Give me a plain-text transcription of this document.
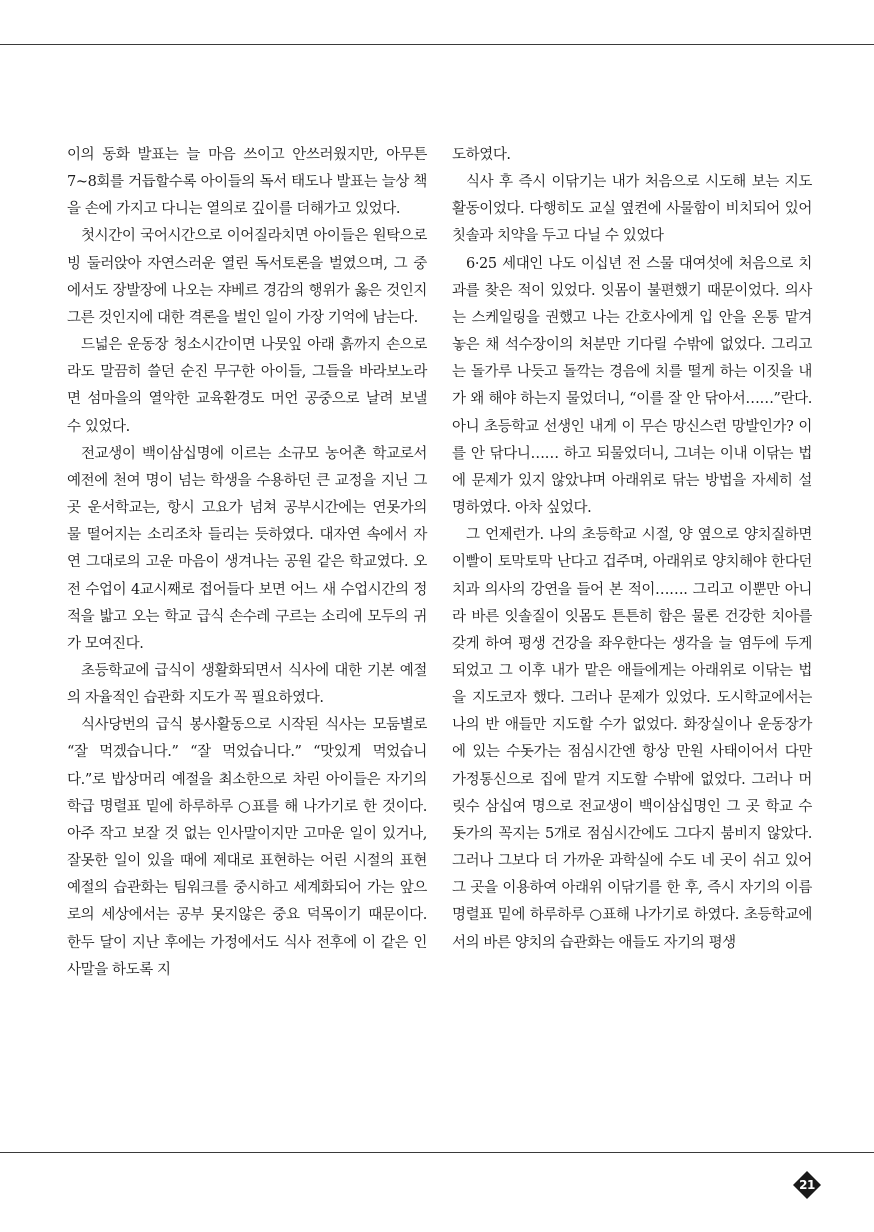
이의 동화 발표는 늘 마음 쓰이고 안쓰러웠지만, 아무튼 7~8회를 거듭할수록 아이들의 독서 태도나 발표는 늘상 책을 손에 가지고 다니는 열의로 깊이를 더해가고 있었다.

첫시간이 국어시간으로 이어질라치면 아이들은 원탁으로 빙 둘러앉아 자연스러운 열린 독서토론을 벌였으며, 그 중에서도 장발장에 나오는 쟈베르 경감의 행위가 옳은 것인지 그른 것인지에 대한 격론을 벌인 일이 가장 기억에 남는다.

드넓은 운동장 청소시간이면 나뭇잎 아래 흙까지 손으로라도 말끔히 쓸던 순진 무구한 아이들, 그들을 바라보노라면 섬마을의 열악한 교육환경도 머언 공중으로 날려 보낼 수 있었다.

전교생이 백이삼십명에 이르는 소규모 농어촌 학교로서 예전에 천여 명이 넘는 학생을 수용하던 큰 교정을 지닌 그곳 운서학교는, 항시 고요가 넘쳐 공부시간에는 연못가의 물 떨어지는 소리조차 들리는 듯하였다. 대자연 속에서 자연 그대로의 고운 마음이 생겨나는 공원 같은 학교였다. 오전 수업이 4교시째로 접어들다 보면 어느 새 수업시간의 정적을 밟고 오는 학교 급식 손수레 구르는 소리에 모두의 귀가 모여진다.

초등학교에 급식이 생활화되면서 식사에 대한 기본 예절의 자율적인 습관화 지도가 꼭 필요하였다.

식사당번의 급식 봉사활동으로 시작된 식사는 모둠별로 “잘 먹겠습니다.” “잘 먹었습니다.” “맛있게 먹었습니다.”로 밥상머리 예절을 최소한으로 차린 아이들은 자기의 학급 명렬표 밑에 하루하루 ○표를 해 나가기로 한 것이다. 아주 작고 보잘 것 없는 인사말이지만 고마운 일이 있거나, 잘못한 일이 있을 때에 제대로 표현하는 어린 시절의 표현 예절의 습관화는 팀워크를 중시하고 세계화되어 가는 앞으로의 세상에서는 공부 못지않은 중요 덕목이기 때문이다. 한두 달이 지난 후에는 가정에서도 식사 전후에 이 같은 인사말을 하도록 지

도하였다.

식사 후 즉시 이닦기는 내가 처음으로 시도해 보는 지도활동이었다. 다행히도 교실 옆켠에 사물함이 비치되어 있어 칫솔과 치약을 두고 다닐 수 있었다

6·25 세대인 나도 이십년 전 스물 대여섯에 처음으로 치과를 찾은 적이 있었다. 잇몸이 불편했기 때문이었다. 의사는 스케일링을 권했고 나는 간호사에게 입 안을 온통 맡겨놓은 채 석수장이의 처분만 기다릴 수밖에 없었다. 그리고는 돌가루 나듯고 돌깍는 경음에 치를 떨게 하는 이짓을 내가 왜 해야 하는지 물었더니, “이를 잘 안 닦아서……”란다. 아니 초등학교 선생인 내게 이 무슨 망신스런 망발인가? 이를 안 닦다니…… 하고 되물었더니, 그녀는 이내 이닦는 법에 문제가 있지 않았냐며 아래위로 닦는 방법을 자세히 설명하였다. 아차 싶었다.

그 언제런가. 나의 초등학교 시절, 양 옆으로 양치질하면 이빨이 토막토막 난다고 겁주며, 아래위로 양치해야 한다던 치과 의사의 강연을 들어 본 적이……. 그리고 이뿐만 아니라 바른 잇솔질이 잇몸도 튼튼히 함은 물론 건강한 치아를 갖게 하여 평생 건강을 좌우한다는 생각을 늘 염두에 두게 되었고 그 이후 내가 맡은 애들에게는 아래위로 이닦는 법을 지도코자 했다. 그러나 문제가 있었다. 도시학교에서는 나의 반 애들만 지도할 수가 없었다. 화장실이나 운동장가에 있는 수돗가는 점심시간엔 항상 만원 사태이어서 다만 가정통신으로 집에 맡겨 지도할 수밖에 없었다. 그러나 머릿수 삼십여 명으로 전교생이 백이삼십명인 그 곳 학교 수돗가의 꼭지는 5개로 점심시간에도 그다지 붐비지 않았다. 그러나 그보다 더 가까운 과학실에 수도 네 곳이 쉬고 있어 그 곳을 이용하여 아래위 이닦기를 한 후, 즉시 자기의 이름 명렬표 밑에 하루하루 ○표해 나가기로 하였다. 초등학교에서의 바른 양치의 습관화는 애들도 자기의 평생

21
